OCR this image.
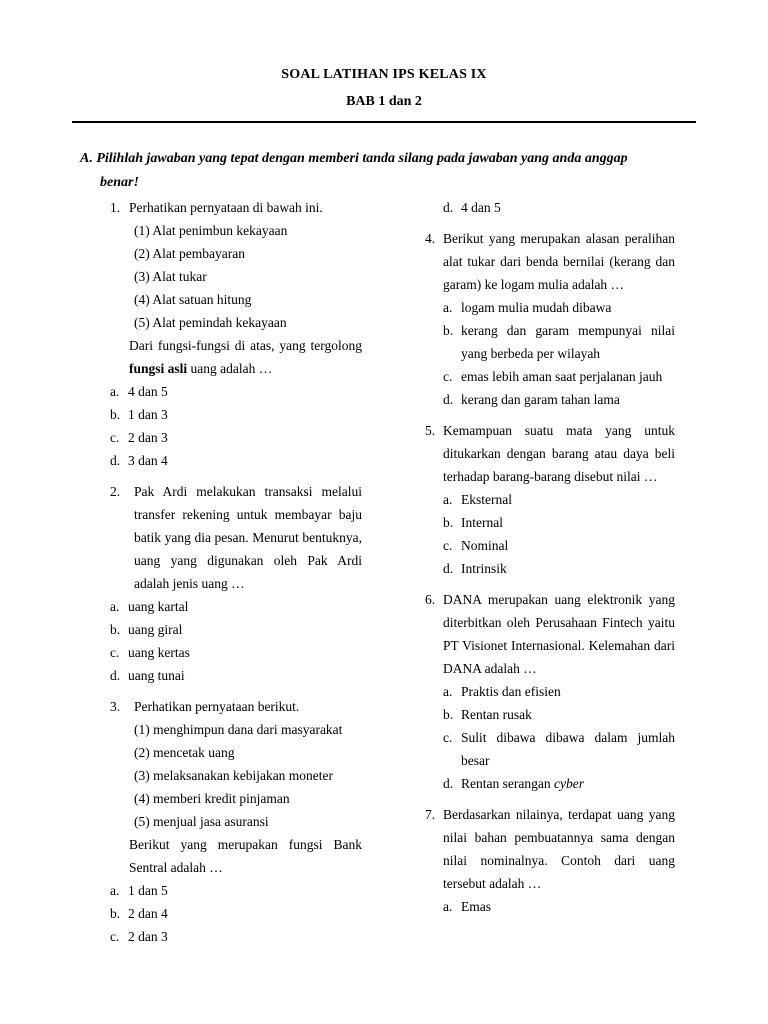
SOAL LATIHAN IPS KELAS IX
BAB 1 dan 2
A. Pilihlah jawaban yang tepat dengan memberi tanda silang pada jawaban yang anda anggap
benar!
1. Perhatikan pernyataan di bawah ini.
(1) Alat penimbun kekayaan
(2) Alat pembayaran
(3) Alat tukar
(4) Alat satuan hitung
(5) Alat pemindah kekayaan
Dari fungsi-fungsi di atas, yang tergolong fungsi asli uang adalah …
a. 4 dan 5
b. 1 dan 3
c. 2 dan 3
d. 3 dan 4
2. Pak Ardi melakukan transaksi melalui transfer rekening untuk membayar baju batik yang dia pesan. Menurut bentuknya, uang yang digunakan oleh Pak Ardi adalah jenis uang …
a. uang kartal
b. uang giral
c. uang kertas
d. uang tunai
3. Perhatikan pernyataan berikut.
(1) menghimpun dana dari masyarakat
(2) mencetak uang
(3) melaksanakan kebijakan moneter
(4) memberi kredit pinjaman
(5) menjual jasa asuransi
Berikut yang merupakan fungsi Bank Sentral adalah …
a. 1 dan 5
b. 2 dan 4
c. 2 dan 3
d. 4 dan 5
4. Berikut yang merupakan alasan peralihan alat tukar dari benda bernilai (kerang dan garam) ke logam mulia adalah …
a. logam mulia mudah dibawa
b. kerang dan garam mempunyai nilai yang berbeda per wilayah
c. emas lebih aman saat perjalanan jauh
d. kerang dan garam tahan lama
5. Kemampuan suatu mata yang untuk ditukarkan dengan barang atau daya beli terhadap barang-barang disebut nilai …
a. Eksternal
b. Internal
c. Nominal
d. Intrinsik
6. DANA merupakan uang elektronik yang diterbitkan oleh Perusahaan Fintech yaitu PT Visionet Internasional. Kelemahan dari DANA adalah …
a. Praktis dan efisien
b. Rentan rusak
c. Sulit dibawa dibawa dalam jumlah besar
d. Rentan serangan cyber
7. Berdasarkan nilainya, terdapat uang yang nilai bahan pembuatannya sama dengan nilai nominalnya. Contoh dari uang tersebut adalah …
a. Emas
